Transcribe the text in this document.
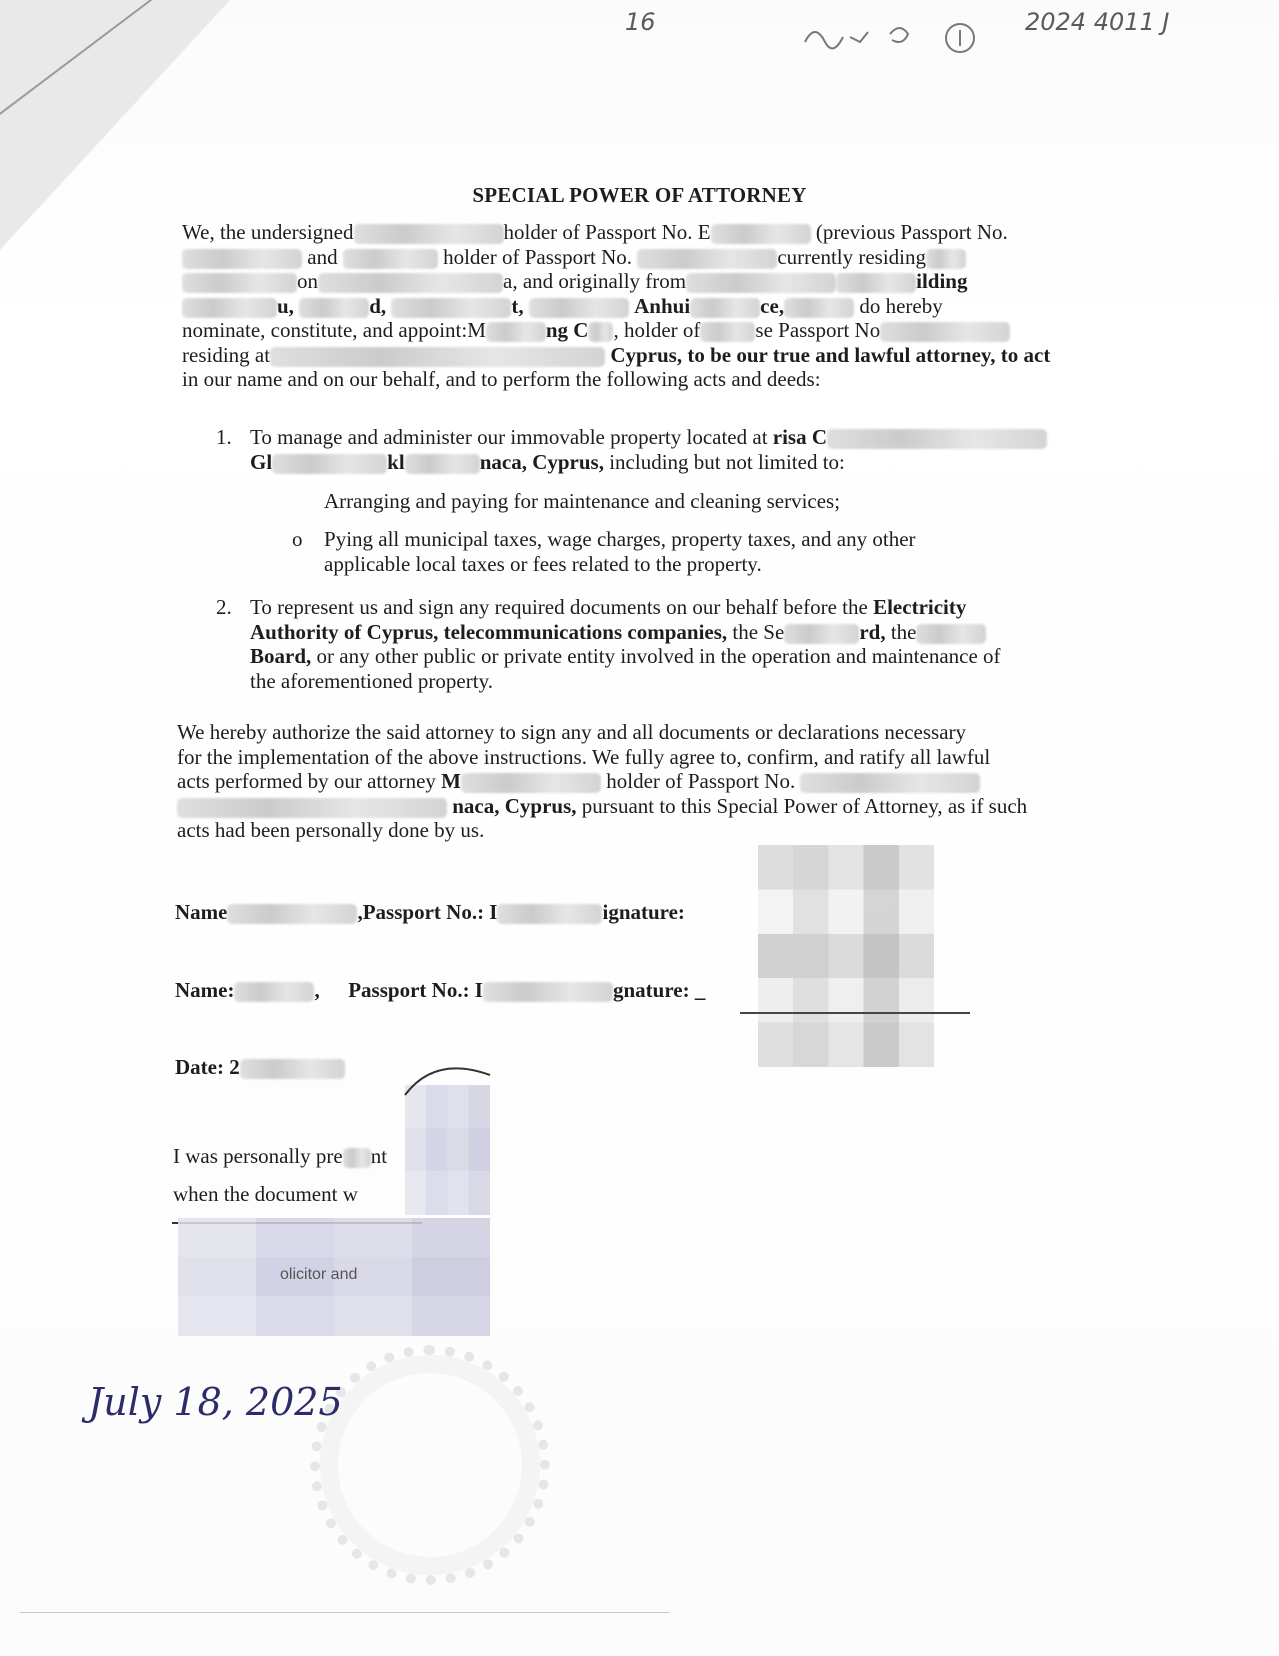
16	2024 4011 J
SPECIAL POWER OF ATTORNEY
We, the undersigned	holder of Passport No. E	(previous Passport No.
and	holder of Passport No.	currently residing
on	a, and originally from	ilding
u,	d,	t,	Anhui	ce,	do hereby
nominate, constitute, and appoint:M	ng C , holder of	se Passport No
residing at	Cyprus, to be our true and lawful attorney, to act
in our name and on our behalf, and to perform the following acts and deeds:
1. To manage and administer our immovable property located at risa C
Gl	kl	naca, Cyprus, including but not limited to:
Arranging and paying for maintenance and cleaning services;
o Pying all municipal taxes, wage charges, property taxes, and any other
applicable local taxes or fees related to the property.
2. To represent us and sign any required documents on our behalf before the Electricity
Authority of Cyprus, telecommunications companies, the Se	rd, the
Board, or any other public or private entity involved in the operation and maintenance of
the aforementioned property.
We hereby authorize the said attorney to sign any and all documents or declarations necessary
for the implementation of the above instructions. We fully agree to, confirm, and ratify all lawful
acts performed by our attorney M	holder of Passport No.
naca, Cyprus, pursuant to this Special Power of Attorney, as if such
acts had been personally done by us.
Name	,Passport No.: I	ignature:
Name:	, Passport No.: I	gnature: _
Date: 2
I was personally pre nt
when the document w
olicitor and
July 18, 2025
